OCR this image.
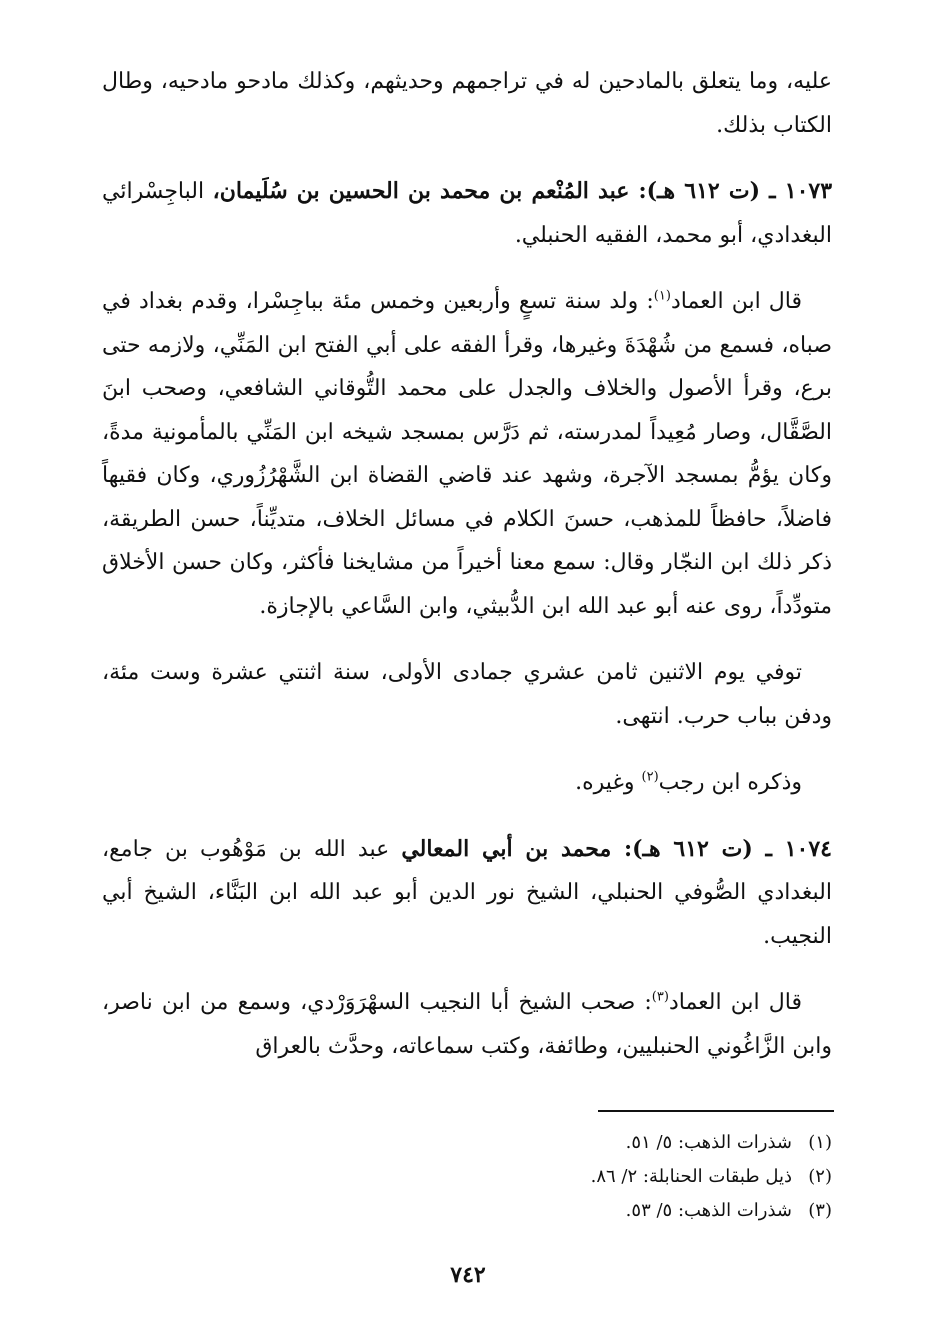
عليه، وما يتعلق بالمادحين له في تراجمهم وحديثهم، وكذلك مادحو مادحيه، وطال الكتاب بذلك.

١٠٧٣ ـ (ت ٦١٢ هـ): عبد المُنْعم بن محمد بن الحسين بن سُلَيمان، الباجِسْرائي البغدادي، أبو محمد، الفقيه الحنبلي.

قال ابن العماد$^{(١)}$: ولد سنة تسعٍ وأربعين وخمس مئة بباجِسْرا، وقدم بغداد في صباه، فسمع من شُهْدَةَ وغيرها، وقرأ الفقه على أبي الفتح ابن المَنِّي، ولازمه حتى برع، وقرأ الأصول والخلاف والجدل على محمد التُّوقاني الشافعي، وصحب ابنَ الصَّقَّال، وصار مُعِيداً لمدرسته، ثم دَرَّس بمسجد شيخه ابن المَنِّي بالمأمونية مدةً، وكان يؤمُّ بمسجد الآجرة، وشهد عند قاضي القضاة ابن الشَّهْرُزُوري، وكان فقيهاً فاضلاً، حافظاً للمذهب، حسنَ الكلام في مسائل الخلاف، متديِّناً، حسن الطريقة، ذكر ذلك ابن النجّار وقال: سمع معنا أخيراً من مشايخنا فأكثر، وكان حسن الأخلاق متودِّداً، روى عنه أبو عبد الله ابن الدُّبيثي، وابن السَّاعي بالإجازة.

توفي يوم الاثنين ثامن عشري جمادى الأولى، سنة اثنتي عشرة وست مئة، ودفن بباب حرب. انتهى.

وذكره ابن رجب$^{(٢)}$ وغيره.

١٠٧٤ ـ (ت ٦١٢ هـ): محمد بن أبي المعالي عبد الله بن مَوْهُوب بن جامع، البغدادي الصُّوفي الحنبلي، الشيخ نور الدين أبو عبد الله ابن البَنَّاء، الشيخ أبي النجيب.

قال ابن العماد$^{(٣)}$: صحب الشيخ أبا النجيب السهْرَوَرْدي، وسمع من ابن ناصر، وابن الزَّاغُوني الحنبليين، وطائفة، وكتب سماعاته، وحدَّث بالعراق

(١)
شذرات الذهب: ٥/ ٥١.
(٢)
ذيل طبقات الحنابلة: ٢/ ٨٦.
(٣)
شذرات الذهب: ٥/ ٥٣.
٧٤٢
